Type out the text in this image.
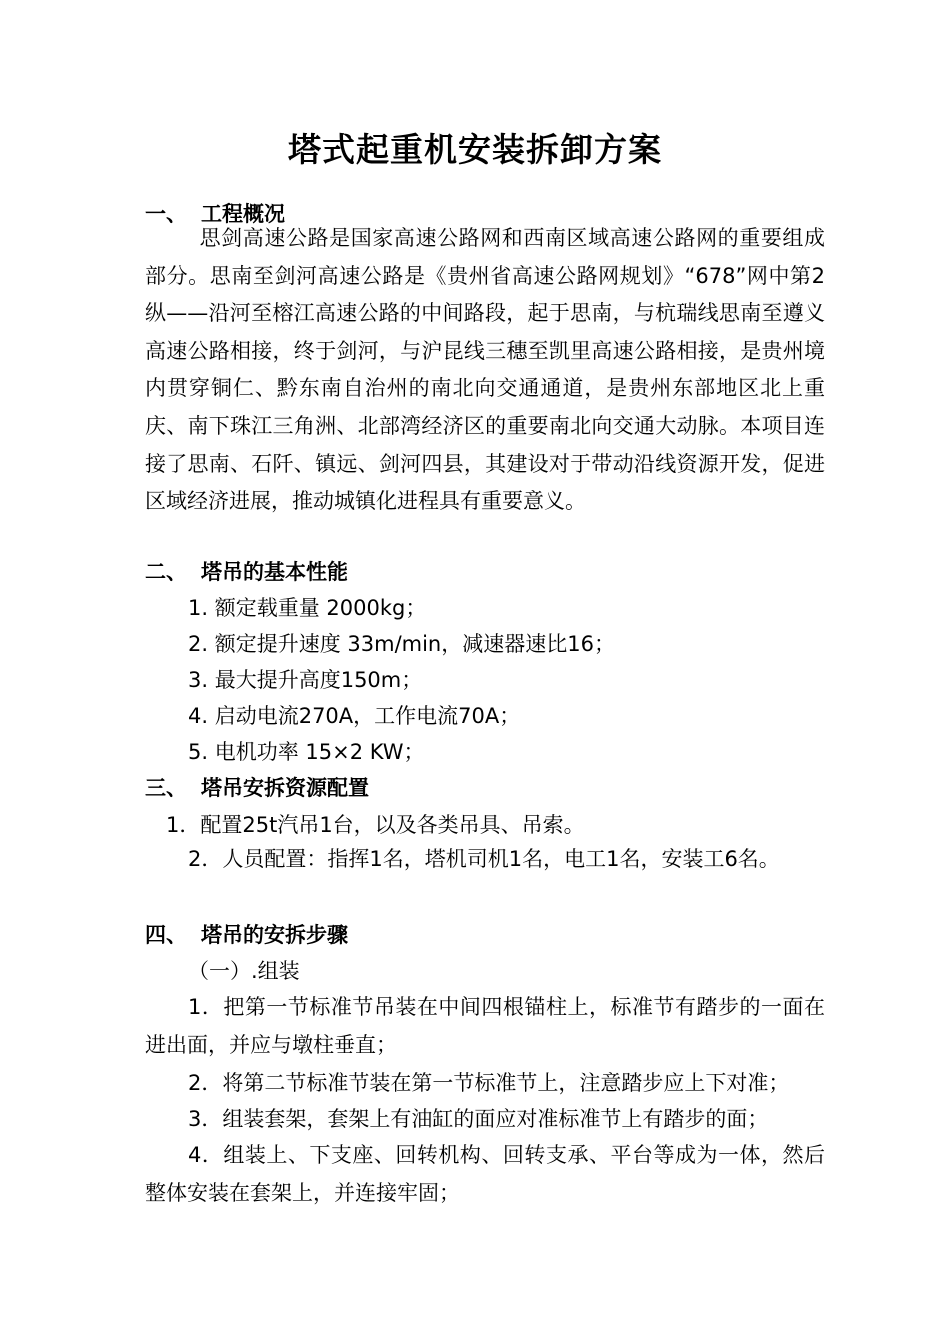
塔式起重机安装拆卸方案
一、 工程概况
思剑高速公路是国家高速公路网和西南区域高速公路网的重要组成部分。思南至剑河高速公路是《贵州省高速公路网规划》“678”网中第2纵——沿河至榕江高速公路的中间路段，起于思南，与杭瑞线思南至遵义高速公路相接，终于剑河，与沪昆线三穗至凯里高速公路相接，是贵州境内贯穿铜仁、黔东南自治州的南北向交通通道，是贵州东部地区北上重庆、南下珠江三角洲、北部湾经济区的重要南北向交通大动脉。本项目连接了思南、石阡、镇远、剑河四县，其建设对于带动沿线资源开发，促进区域经济进展，推动城镇化进程具有重要意义。
二、 塔吊的基本性能
1. 额定载重量 2000kg；
2. 额定提升速度 33m/min，减速器速比16；
3. 最大提升高度150m；
4. 启动电流270A，工作电流70A；
5. 电机功率 15×2 KW；
三、 塔吊安拆资源配置
1．配置25t汽吊1台，以及各类吊具、吊索。
2．人员配置：指挥1名，塔机司机1名，电工1名，安装工6名。
四、 塔吊的安拆步骤
（一）.组装
1．把第一节标准节吊装在中间四根锚柱上，标准节有踏步的一面在进出面，并应与墩柱垂直；
2．将第二节标准节装在第一节标准节上，注意踏步应上下对准；
3．组装套架，套架上有油缸的面应对准标准节上有踏步的面；
4．组装上、下支座、回转机构、回转支承、平台等成为一体，然后整体安装在套架上，并连接牢固；
